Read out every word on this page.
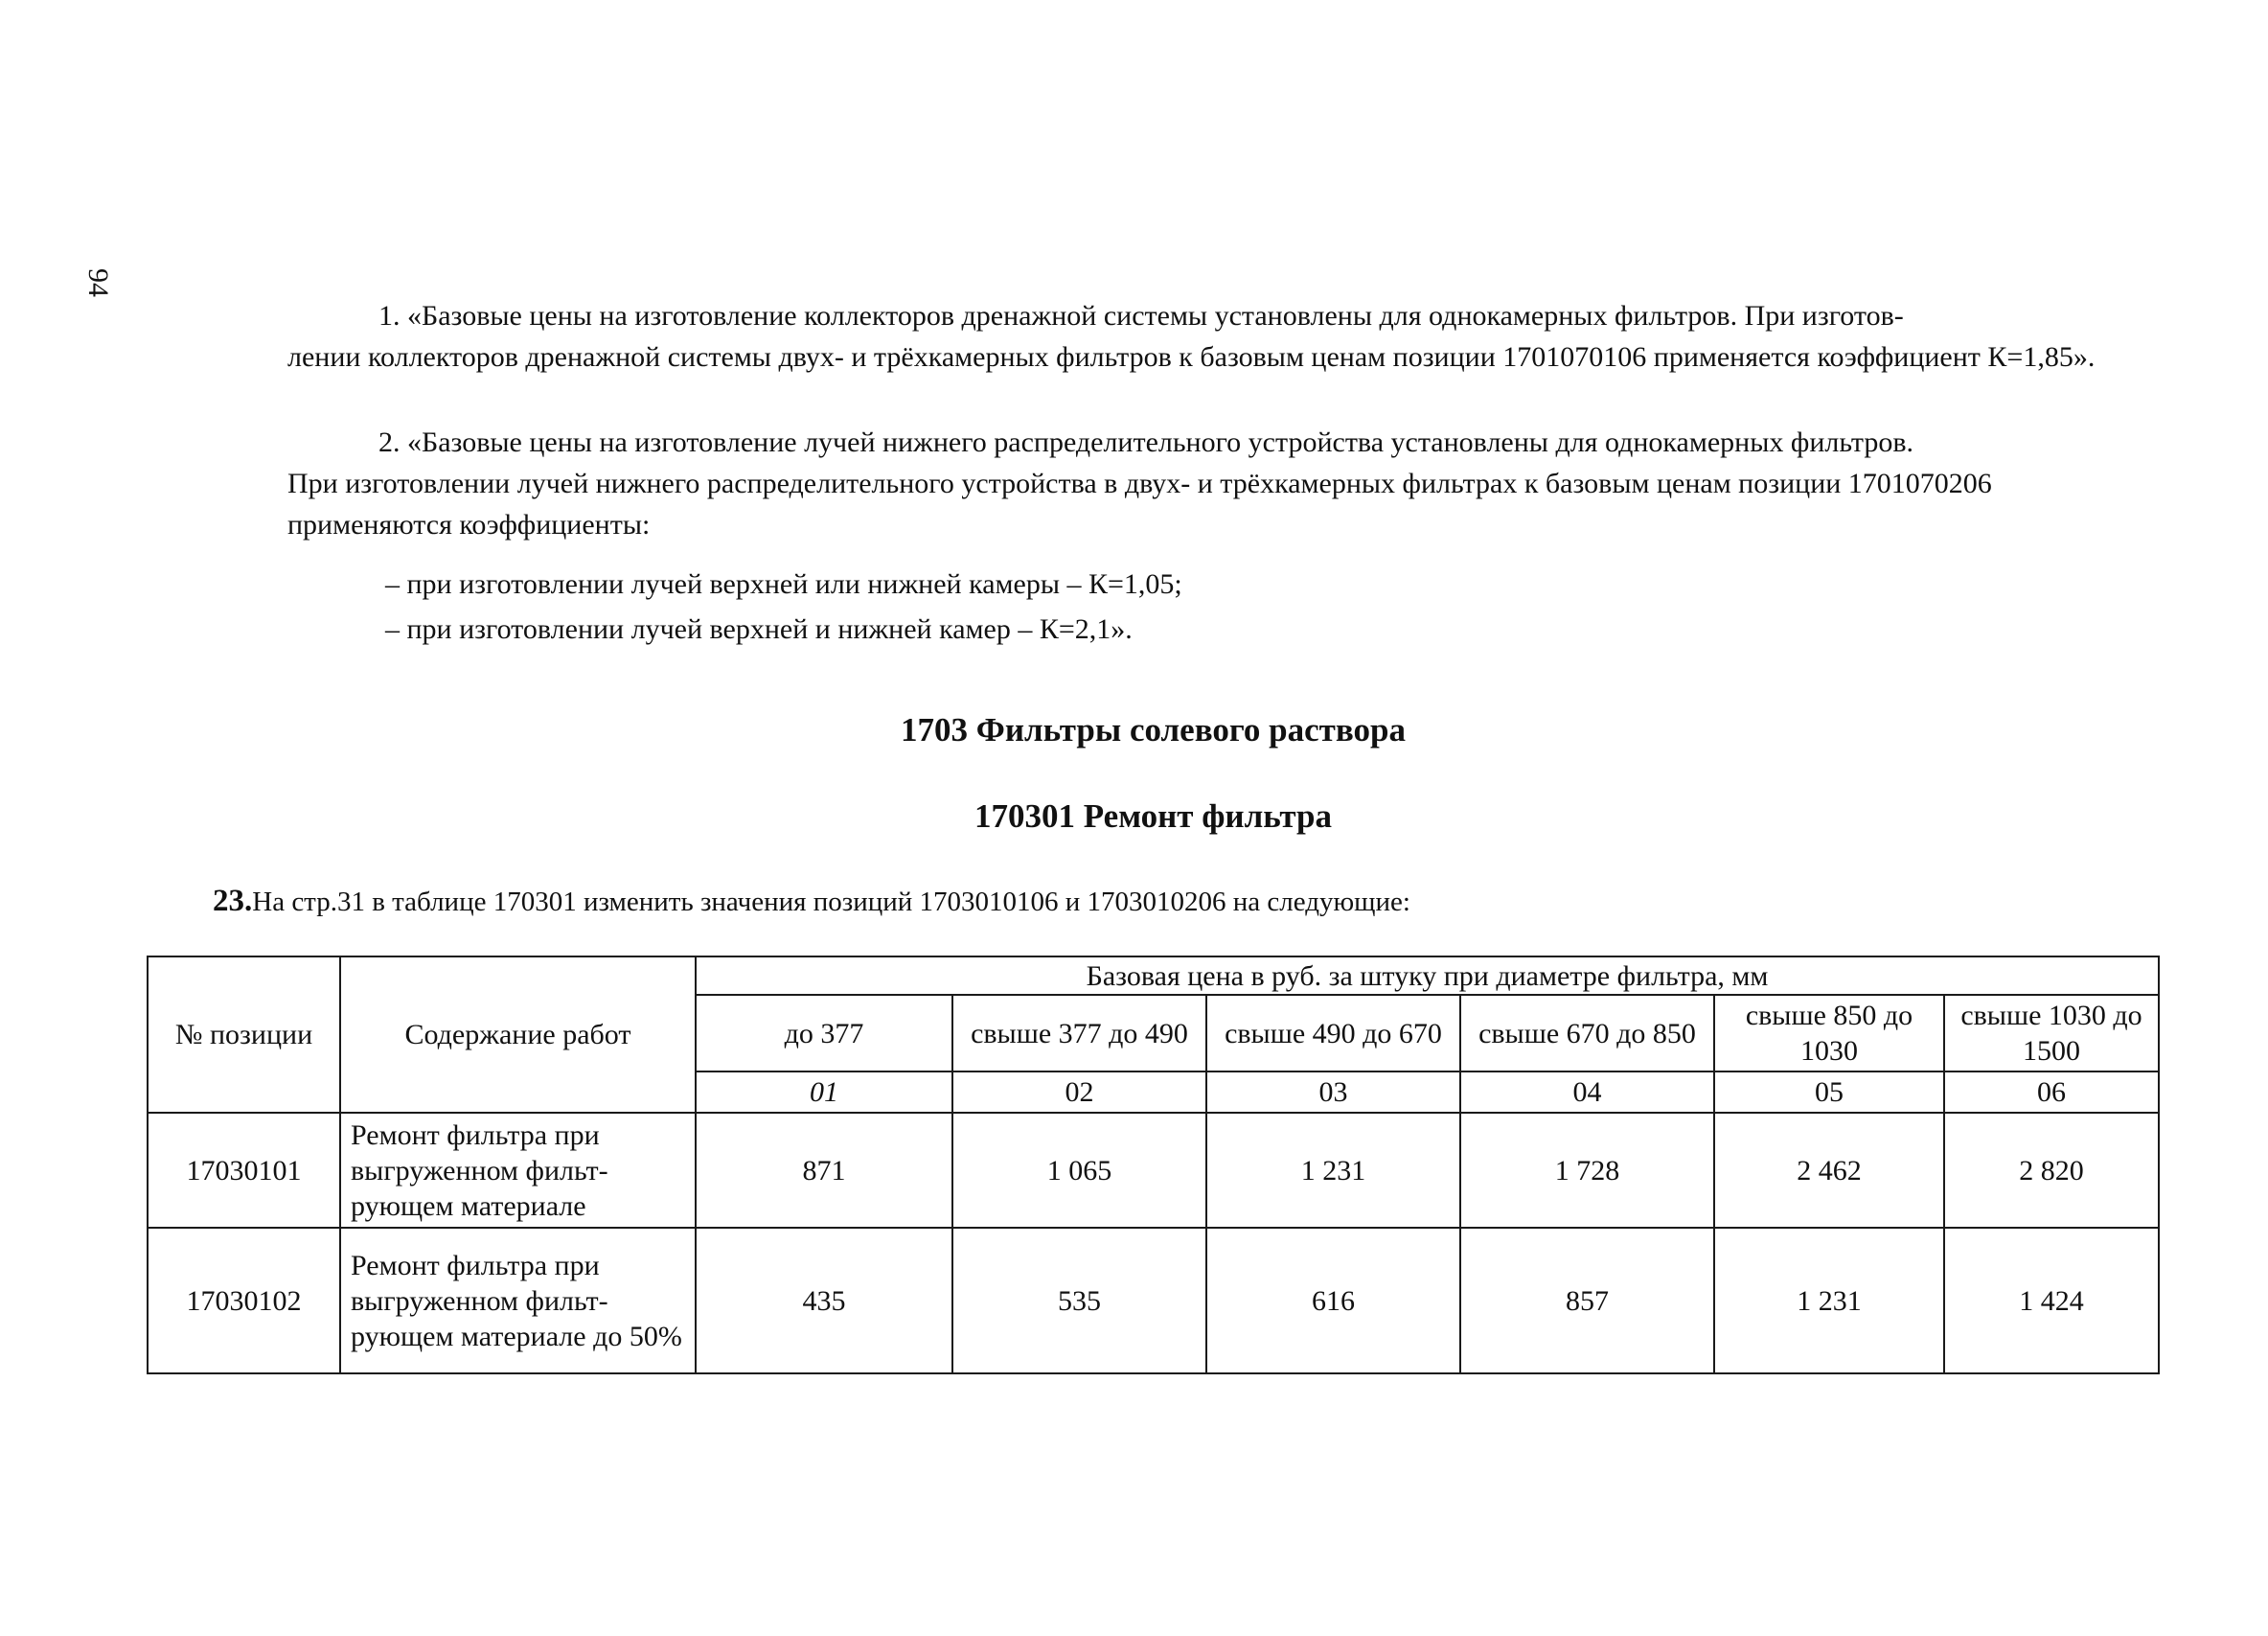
94

1. «Базовые цены на изготовление коллекторов дренажной системы установлены для однокамерных фильтров. При изготов-
лении коллекторов дренажной системы двух- и трёхкамерных фильтров к базовым ценам позиции 1701070106 применяется коэффициент К=1,85».

2. «Базовые цены на изготовление лучей нижнего распределительного устройства установлены для однокамерных фильтров.
При изготовлении лучей нижнего распределительного устройства в двух- и трёхкамерных фильтрах к базовым ценам позиции 1701070206 применяются коэффициенты:

– при изготовлении лучей верхней или нижней камеры – К=1,05;
– при изготовлении лучей верхней и нижней камер – К=2,1».
1703 Фильтры солевого раствора
170301 Ремонт фильтра
23.На стр.31 в таблице 170301 изменить значения позиций 1703010106 и 1703010206 на следующие:
№ позиции	Содержание работ	Базовая цена в руб. за штуку при диаметре фильтра, мм					
		до 377	свыше 377 до 490	свыше 490 до 670	свыше 670 до 850	свыше 850 до 1030	свыше 1030 до 1500
		01	02	03	04	05	06
17030101	Ремонт фильтра при выгруженном фильтрующем материале	871	1 065	1 231	1 728	2 462	2 820
17030102	Ремонт фильтра при выгруженном фильтрующем материале до 50%	435	535	616	857	1 231	1 424
